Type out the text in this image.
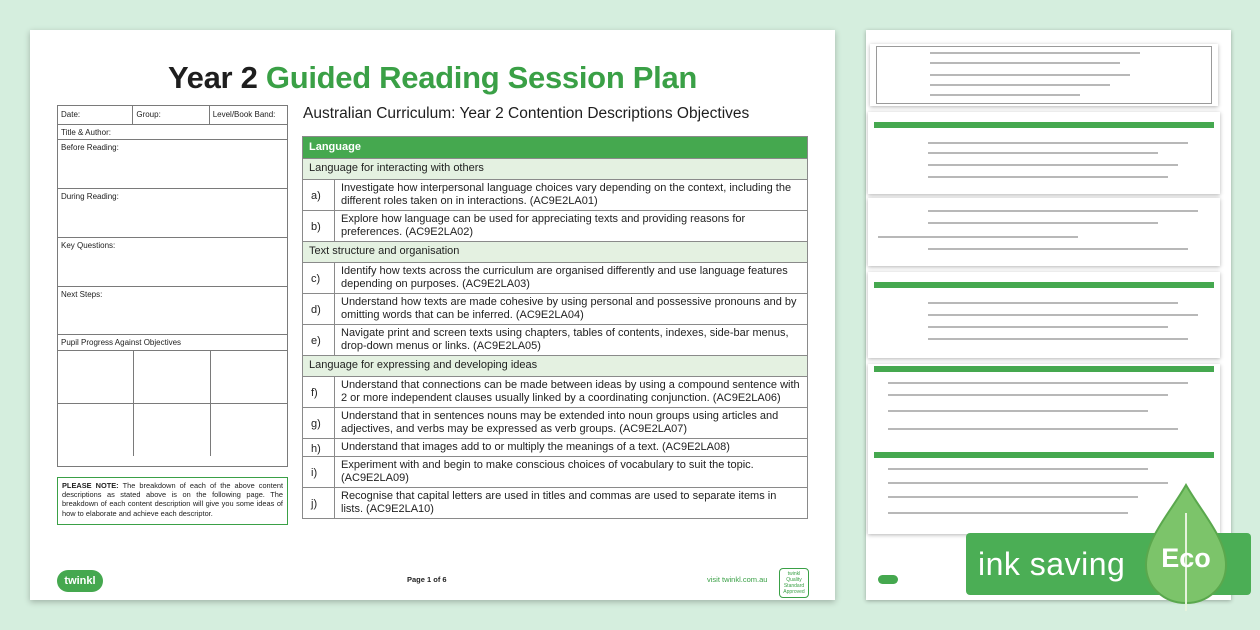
Year 2 Guided Reading Session Plan
Date:	Group:	Level/Book Band:
Title & Author:
Before Reading:
During Reading:
Key Questions:
Next Steps:
Pupil Progress Against Objectives
PLEASE NOTE: The breakdown of each of the above content descriptions as stated above is on the following page. The breakdown of each content description will give you some ideas of how to elaborate and achieve each descriptor.
Australian Curriculum: Year 2 Contention Descriptions Objectives
Language
Language for interacting with others
a)
Investigate how interpersonal language choices vary depending on the context, including the different roles taken on in interactions. (AC9E2LA01)
b)
Explore how language can be used for appreciating texts and providing reasons for preferences. (AC9E2LA02)
Text structure and organisation
c)
Identify how texts across the curriculum are organised differently and use language features depending on purposes. (AC9E2LA03)
d)
Understand how texts are made cohesive by using personal and possessive pronouns and by omitting words that can be inferred. (AC9E2LA04)
e)
Navigate print and screen texts using chapters, tables of contents, indexes, side-bar menus, drop-down menus or links. (AC9E2LA05)
Language for expressing and developing ideas
f)
Understand that connections can be made between ideas by using a compound sentence with 2 or more independent clauses usually linked by a coordinating conjunction. (AC9E2LA06)
g)
Understand that in sentences nouns may be extended into noun groups using articles and adjectives, and verbs may be expressed as verb groups. (AC9E2LA07)
h)	Understand that images add to or multiply the meanings of a text. (AC9E2LA08)
i)
Experiment with and begin to make conscious choices of vocabulary to suit the topic. (AC9E2LA09)
j)
Recognise that capital letters are used in titles and commas are used to separate items in lists. (AC9E2LA10)
twinkl	Page 1 of 6	visit twinkl.com.au
twinkl
Quality Standard
Approved
ink saving	Eco
